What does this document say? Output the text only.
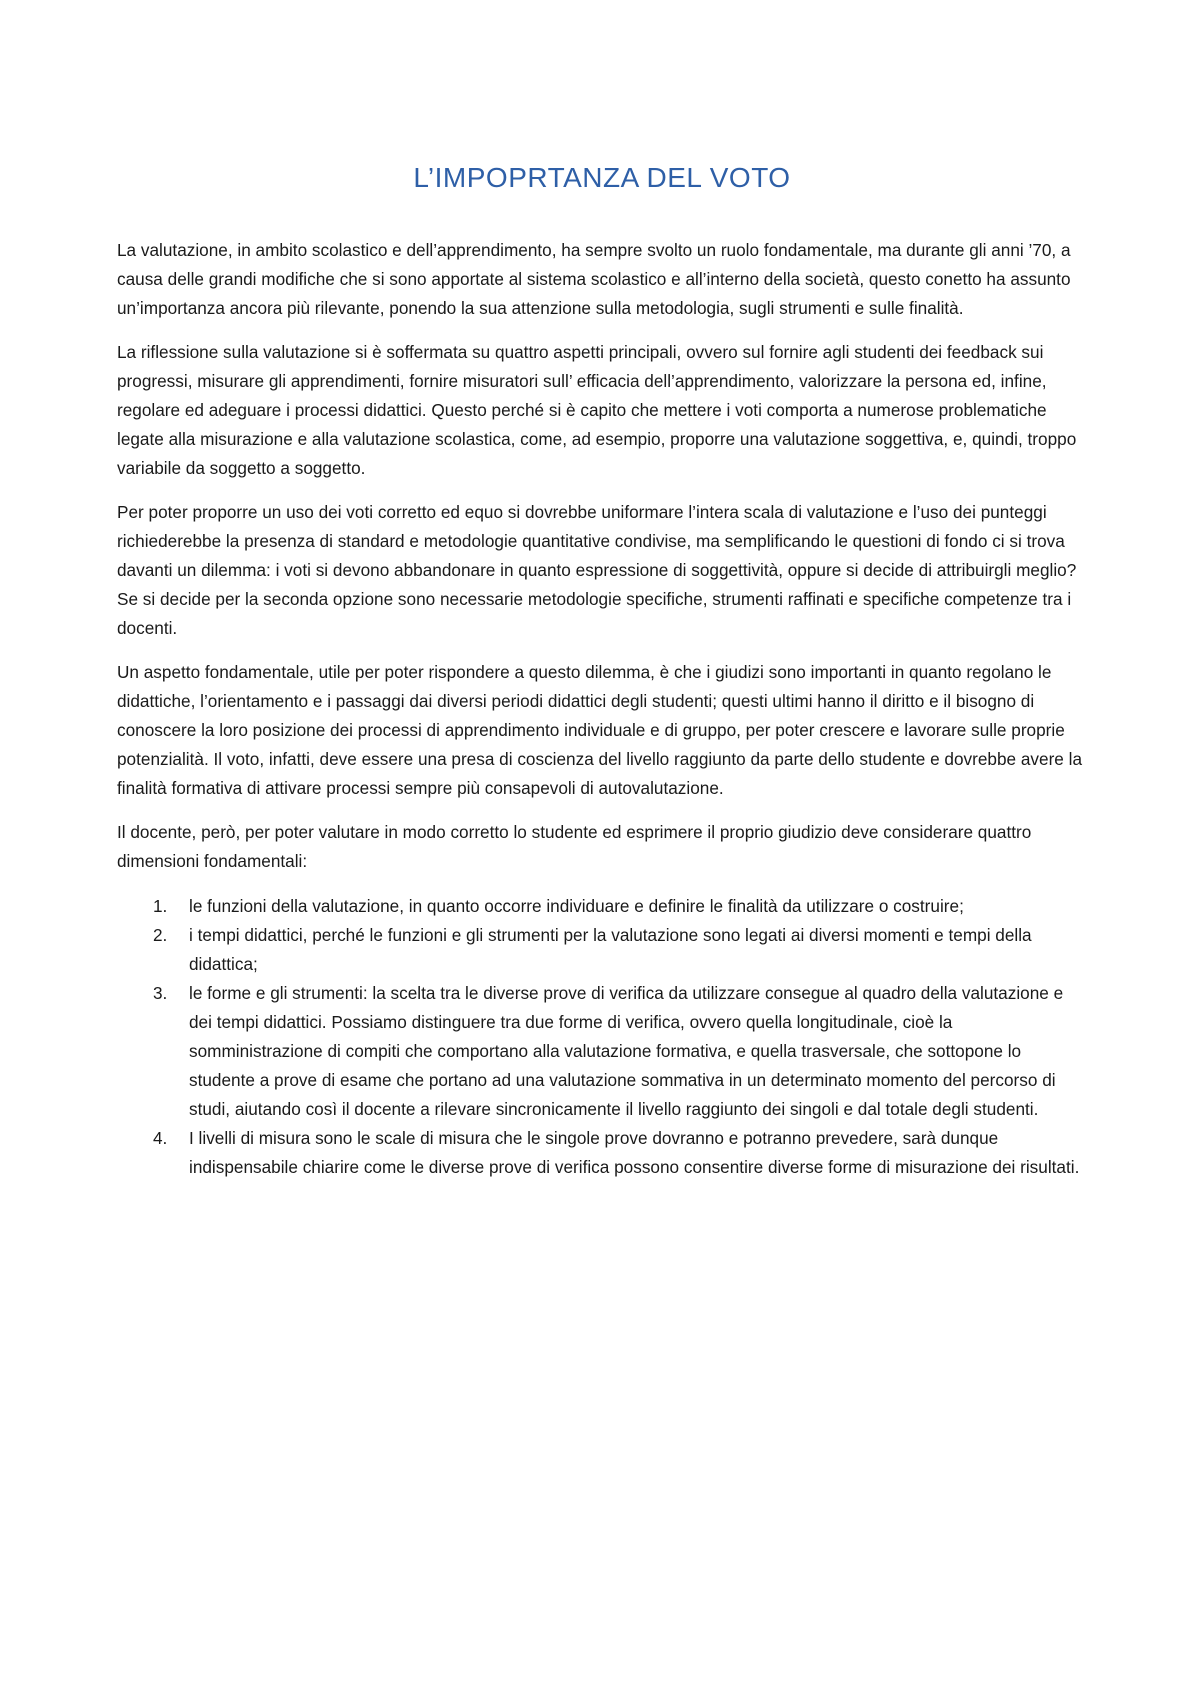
L’IMPOPRTANZA DEL VOTO

La valutazione, in ambito scolastico e dell’apprendimento, ha sempre svolto un ruolo fondamentale, ma durante gli anni ’70, a causa delle grandi modifiche che si sono apportate al sistema scolastico e all’interno della società, questo conetto ha assunto un’importanza ancora più rilevante, ponendo la sua attenzione sulla metodologia, sugli strumenti e sulle finalità.

La riflessione sulla valutazione si è soffermata su quattro aspetti principali, ovvero sul fornire agli studenti dei feedback sui progressi, misurare gli apprendimenti, fornire misuratori sull’ efficacia dell’apprendimento, valorizzare la persona ed, infine, regolare ed adeguare i processi didattici. Questo perché si è capito che mettere i voti comporta a numerose problematiche legate alla misurazione e alla valutazione scolastica, come, ad esempio, proporre una valutazione soggettiva, e, quindi, troppo variabile da soggetto a soggetto.

Per poter proporre un uso dei voti corretto ed equo si dovrebbe uniformare l’intera scala di valutazione e l’uso dei punteggi richiederebbe la presenza di standard e metodologie quantitative condivise, ma semplificando le questioni di fondo ci si trova davanti un dilemma: i voti si devono abbandonare in quanto espressione di soggettività, oppure si decide di attribuirgli meglio? Se si decide per la seconda opzione sono necessarie metodologie specifiche, strumenti raffinati e specifiche competenze tra i docenti.

Un aspetto fondamentale, utile per poter rispondere a questo dilemma, è che i giudizi sono importanti in quanto regolano le didattiche, l’orientamento e i passaggi dai diversi periodi didattici degli studenti; questi ultimi hanno il diritto e il bisogno di conoscere la loro posizione dei processi di apprendimento individuale e di gruppo, per poter crescere e lavorare sulle proprie potenzialità. Il voto, infatti, deve essere una presa di coscienza del livello raggiunto da parte dello studente e dovrebbe avere la finalità formativa di attivare processi sempre più consapevoli di autovalutazione.

Il docente, però, per poter valutare in modo corretto lo studente ed esprimere il proprio giudizio deve considerare quattro dimensioni fondamentali:

1. le funzioni della valutazione, in quanto occorre individuare e definire le finalità da utilizzare o costruire;
2. i tempi didattici, perché le funzioni e gli strumenti per la valutazione sono legati ai diversi momenti e tempi della didattica;
3. le forme e gli strumenti: la scelta tra le diverse prove di verifica da utilizzare consegue al quadro della valutazione e dei tempi didattici. Possiamo distinguere tra due forme di verifica, ovvero quella longitudinale, cioè la somministrazione di compiti che comportano alla valutazione formativa, e quella trasversale, che sottopone lo studente a prove di esame che portano ad una valutazione sommativa in un determinato momento del percorso di studi, aiutando così il docente a rilevare sincronicamente il livello raggiunto dei singoli e dal totale degli studenti.
4. I livelli di misura sono le scale di misura che le singole prove dovranno e potranno prevedere, sarà dunque indispensabile chiarire come le diverse prove di verifica possono consentire diverse forme di misurazione dei risultati.
